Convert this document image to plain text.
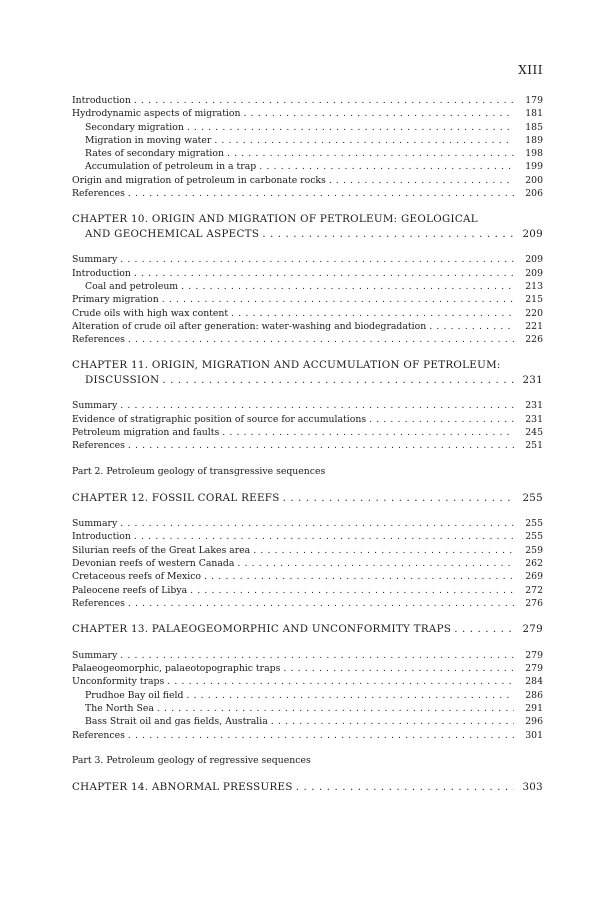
XIII
Introduction . . .	179
Hydrodynamic aspects of migration . . .	181
Secondary migration . . .	185
Migration in moving water . . .	189
Rates of secondary migration . . .	198
Accumulation of petroleum in a trap . . .	199
Origin and migration of petroleum in carbonate rocks . . .	200
References . . .	206
CHAPTER 10. ORIGIN AND MIGRATION OF PETROLEUM: GEOLOGICAL
AND GEOCHEMICAL ASPECTS . . .	209
Summary . . .	209
Introduction . . .	209
Coal and petroleum . . .	213
Primary migration . . .	215
Crude oils with high wax content . . .	220
Alteration of crude oil after generation: water-washing and biodegradation . . .	221
References . . .	226
CHAPTER 11. ORIGIN, MIGRATION AND ACCUMULATION OF PETROLEUM:
DISCUSSION . . .	231
Summary . . .	231
Evidence of stratigraphic position of source for accumulations . . .	231
Petroleum migration and faults . . .	245
References . . .	251
Part 2. Petroleum geology of transgressive sequences
CHAPTER 12. FOSSIL CORAL REEFS . . .	255
Summary . . .	255
Introduction . . .	255
Silurian reefs of the Great Lakes area . . .	259
Devonian reefs of western Canada . . .	262
Cretaceous reefs of Mexico . . .	269
Paleocene reefs of Libya . . .	272
References . . .	276
CHAPTER 13. PALAEOGEOMORPHIC AND UNCONFORMITY TRAPS . . .	279
Summary . . .	279
Palaeogeomorphic, palaeotopographic traps . . .	279
Unconformity traps . . .	284
Prudhoe Bay oil field . . .	286
The North Sea . . .	291
Bass Strait oil and gas fields, Australia . . .	296
References . . .	301
Part 3. Petroleum geology of regressive sequences
CHAPTER 14. ABNORMAL PRESSURES . . .	303
